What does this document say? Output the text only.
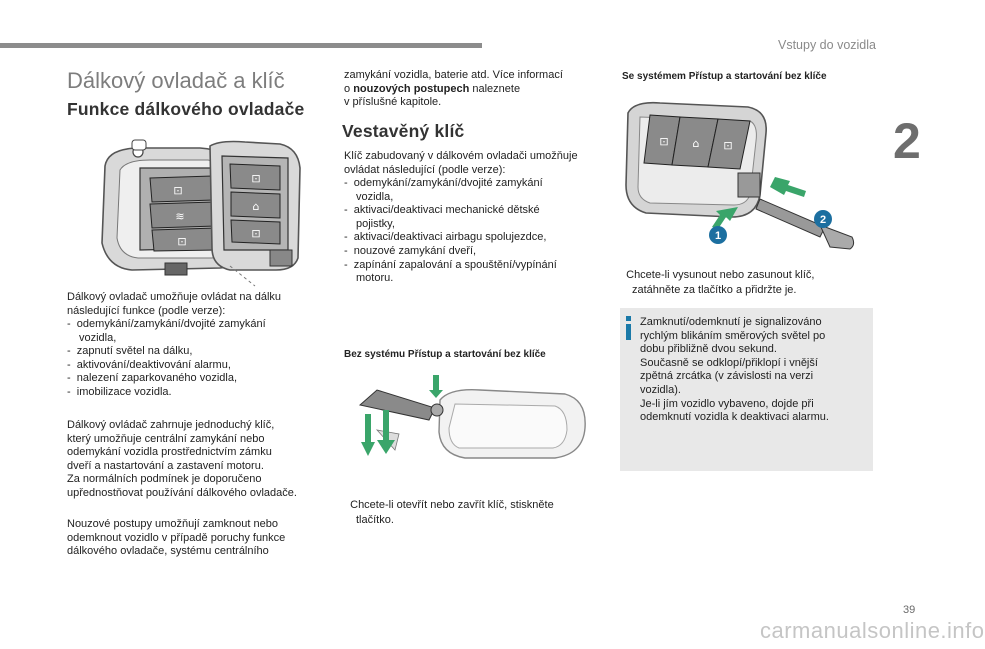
Vstupy do vozidla
2
Dálkový ovladač a klíč
Funkce dálkového ovladače
⊡
≋
⊡
⊡
⌂
⊡
Dálkový ovladač umožňuje ovládat na dálku
následující funkce (podle verze):
- odemykání/zamykání/dvojité zamykání
vozidla,
- zapnutí světel na dálku,
- aktivování/deaktivování alarmu,
- nalezení zaparkovaného vozidla,
- imobilizace vozidla.
Dálkový ovládač zahrnuje jednoduchý klíč,
který umožňuje centrální zamykání nebo
odemykání vozidla prostřednictvím zámku
dveří a nastartování a zastavení motoru.
Za normálních podmínek je doporučeno
upřednostňovat používání dálkového ovladače.
Nouzové postupy umožňují zamknout nebo
odemknout vozidlo v případě poruchy funkce
dálkového ovladače, systému centrálního
zamykání vozidla, baterie atd. Více informací
o nouzových postupech naleznete
v příslušné kapitole.
Vestavěný klíč
Klíč zabudovaný v dálkovém ovladači umožňuje
ovládat následující (podle verze):
- odemykání/zamykání/dvojité zamykání
vozidla,
- aktivaci/deaktivaci mechanické dětské
pojistky,
- aktivaci/deaktivaci airbagu spolujezdce,
- nouzové zamykání dveří,
- zapínání zapalování a spouštění/vypínání
motoru.
Bez systému Přístup a startování bez klíče
Chcete-li otevřít nebo zavřít klíč, stiskněte
tlačítko.
Se systémem Přístup a startování bez klíče
⊡ ⌂ ⊡
1
2
Chcete-li vysunout nebo zasunout klíč,
zatáhněte za tlačítko a přidržte je.
Zamknutí/odemknutí je signalizováno
rychlým blikáním směrových světel po
dobu přibližně dvou sekund.
Současně se odklopí/přiklopí i vnější
zpětná zrcátka (v závislosti na verzi
vozidla).
Je-li jím vozidlo vybaveno, dojde při
odemknutí vozidla k deaktivaci alarmu.
39
carmanualsonline.info
